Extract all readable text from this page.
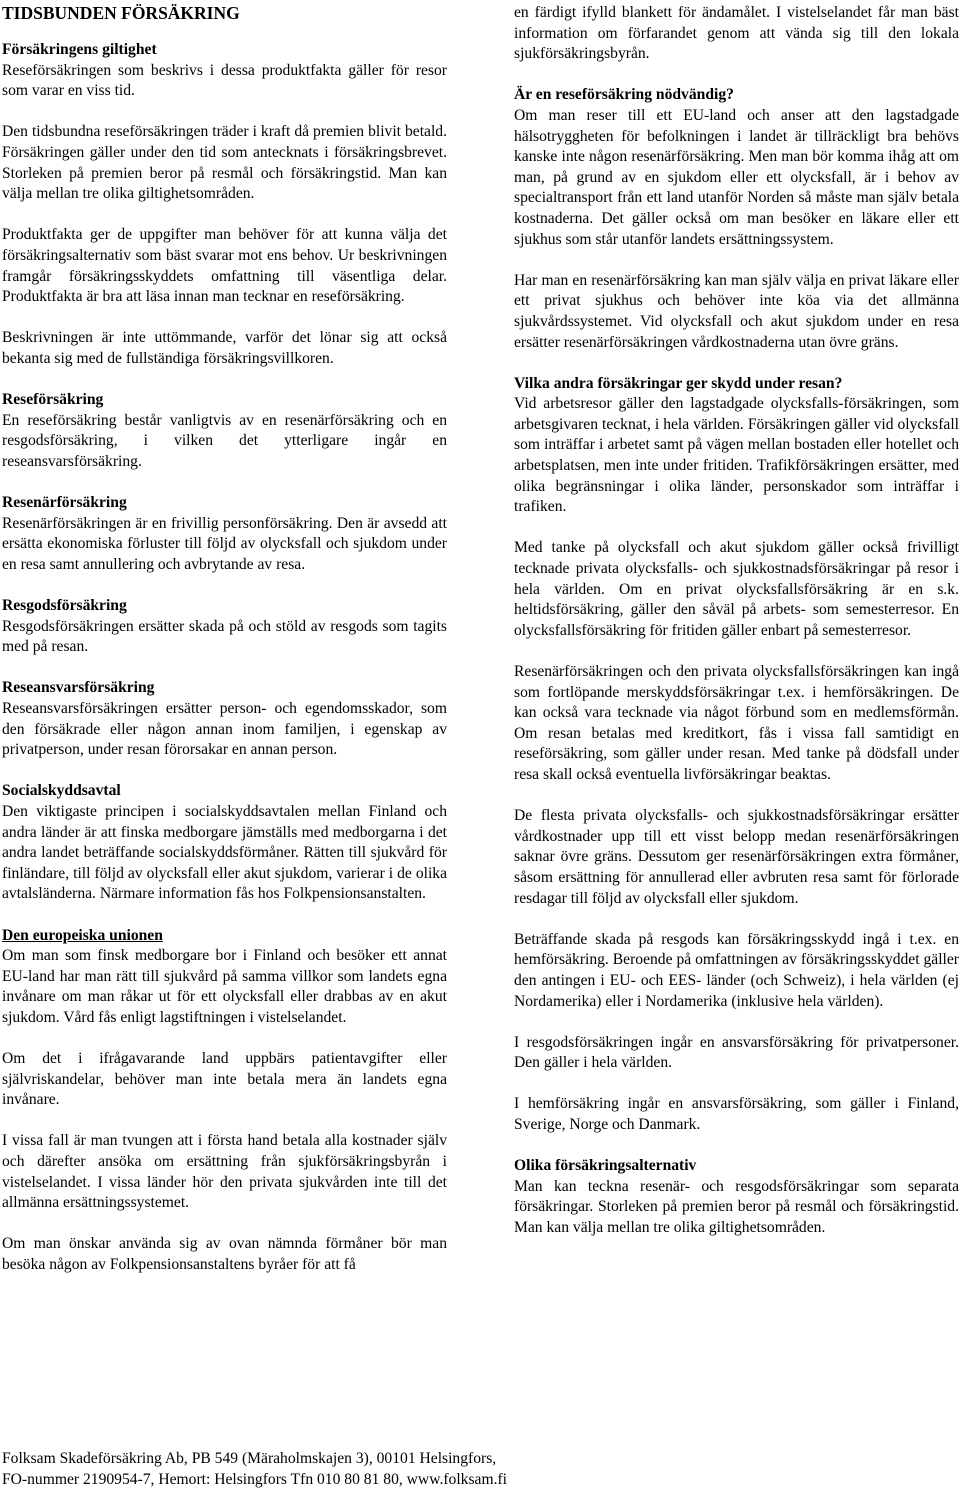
TIDSBUNDEN FÖRSÄKRING
Försäkringens giltighet

Reseförsäkringen som beskrivs i dessa produktfakta gäller för resor som varar en viss tid.

Den tidsbundna reseförsäkringen träder i kraft då premien blivit betald. Försäkringen gäller under den tid som antecknats i försäkringsbrevet. Storleken på premien beror på resmål och försäkringstid. Man kan välja mellan tre olika giltighetsområden.

Produktfakta ger de uppgifter man behöver för att kunna välja det försäkringsalternativ som bäst svarar mot ens behov. Ur beskrivningen framgår försäkringsskyddets omfattning till väsentliga delar. Produktfakta är bra att läsa innan man tecknar en reseförsäkring.

Beskrivningen är inte uttömmande, varför det lönar sig att också bekanta sig med de fullständiga försäkringsvillkoren.

Reseförsäkring

En reseförsäkring består vanligtvis av en resenärförsäkring och en resgodsförsäkring, i vilken det ytterligare ingår en reseansvarsförsäkring.

Resenärförsäkring

Resenärförsäkringen är en frivillig personförsäkring. Den är avsedd att ersätta ekonomiska förluster till följd av olycksfall och sjukdom under en resa samt annullering och avbrytande av resa.

Resgodsförsäkring

Resgodsförsäkringen ersätter skada på och stöld av resgods som tagits med på resan.

Reseansvarsförsäkring

Reseansvarsförsäkringen ersätter person- och egendomsskador, som den försäkrade eller någon annan inom familjen, i egenskap av privatperson, under resan förorsakar en annan person.

Socialskyddsavtal

Den viktigaste principen i socialskyddsavtalen mellan Finland och andra länder är att finska medborgare jämställs med medborgarna i det andra landet beträffande socialskyddsförmåner. Rätten till sjukvård för finländare, till följd av olycksfall eller akut sjukdom, varierar i de olika avtalsländerna. Närmare information fås hos Folkpensionsanstalten.

Den europeiska unionen

Om man som finsk medborgare bor i Finland och besöker ett annat EU-land har man rätt till sjukvård på samma villkor som landets egna invånare om man råkar ut för ett olycksfall eller drabbas av en akut sjukdom. Vård fås enligt lagstiftningen i vistelselandet.

Om det i ifrågavarande land uppbärs patientavgifter eller självriskandelar, behöver man inte betala mera än landets egna invånare.

I vissa fall är man tvungen att i första hand betala alla kostnader själv och därefter ansöka om ersättning från sjukförsäkringsbyrån i vistelselandet. I vissa länder hör den privata sjukvården inte till det allmänna ersättningssystemet.

Om man önskar använda sig av ovan nämnda förmåner bör man besöka någon av Folkpensionsanstaltens byråer för att få

en färdigt ifylld blankett för ändamålet. I vistelselandet får man bäst information om förfarandet genom att vända sig till den lokala sjukförsäkringsbyrån.

Är en reseförsäkring nödvändig?

Om man reser till ett EU-land och anser att den lagstadgade hälsotryggheten för befolkningen i landet är tillräckligt bra behövs kanske inte någon resenärförsäkring. Men man bör komma ihåg att om man, på grund av en sjukdom eller ett olycksfall, är i behov av specialtransport från ett land utanför Norden så måste man själv betala kostnaderna. Det gäller också om man besöker en läkare eller ett sjukhus som står utanför landets ersättningssystem.

Har man en resenärförsäkring kan man själv välja en privat läkare eller ett privat sjukhus och behöver inte köa via det allmänna sjukvårdssystemet. Vid olycksfall och akut sjukdom under en resa ersätter resenärförsäkringen vårdkostnaderna utan övre gräns.

Vilka andra försäkringar ger skydd under resan?

Vid arbetsresor gäller den lagstadgade olycksfalls-försäkringen, som arbetsgivaren tecknat, i hela världen. Försäkringen gäller vid olycksfall som inträffar i arbetet samt på vägen mellan bostaden eller hotellet och arbetsplatsen, men inte under fritiden. Trafikförsäkringen ersätter, med olika begränsningar i olika länder, personskador som inträffar i trafiken.

Med tanke på olycksfall och akut sjukdom gäller också frivilligt tecknade privata olycksfalls- och sjukkostnadsförsäkringar på resor i hela världen. Om en privat olycksfallsförsäkring är en s.k. heltidsförsäkring, gäller den såväl på arbets- som semesterresor. En olycksfallsförsäkring för fritiden gäller enbart på semesterresor.

Resenärförsäkringen och den privata olycksfallsförsäkringen kan ingå som fortlöpande merskyddsförsäkringar t.ex. i hemförsäkringen. De kan också vara tecknade via något förbund som en medlemsförmån. Om resan betalas med kreditkort, fås i vissa fall samtidigt en reseförsäkring, som gäller under resan. Med tanke på dödsfall under resa skall också eventuella livförsäkringar beaktas.

De flesta privata olycksfalls- och sjukkostnadsförsäkringar ersätter vårdkostnader upp till ett visst belopp medan resenärförsäkringen saknar övre gräns. Dessutom ger resenärförsäkringen extra förmåner, såsom ersättning för annullerad eller avbruten resa samt för förlorade resdagar till följd av olycksfall eller sjukdom.

Beträffande skada på resgods kan försäkringsskydd ingå i t.ex. en hemförsäkring. Beroende på omfattningen av försäkringsskyddet gäller den antingen i EU- och EES- länder (och Schweiz), i hela världen (ej Nordamerika) eller i Nordamerika (inklusive hela världen).

I resgodsförsäkringen ingår en ansvarsförsäkring för privatpersoner. Den gäller i hela världen.

I hemförsäkring ingår en ansvarsförsäkring, som gäller i Finland, Sverige, Norge och Danmark.

Olika försäkringsalternativ

Man kan teckna resenär- och resgodsförsäkringar som separata försäkringar. Storleken på premien beror på resmål och försäkringstid. Man kan välja mellan tre olika giltighetsområden.

Folksam Skadeförsäkring Ab, PB 549 (Märaholmskajen 3), 00101 Helsingfors,
FO-nummer 2190954-7, Hemort: Helsingfors Tfn 010 80 81 80, www.folksam.fi
